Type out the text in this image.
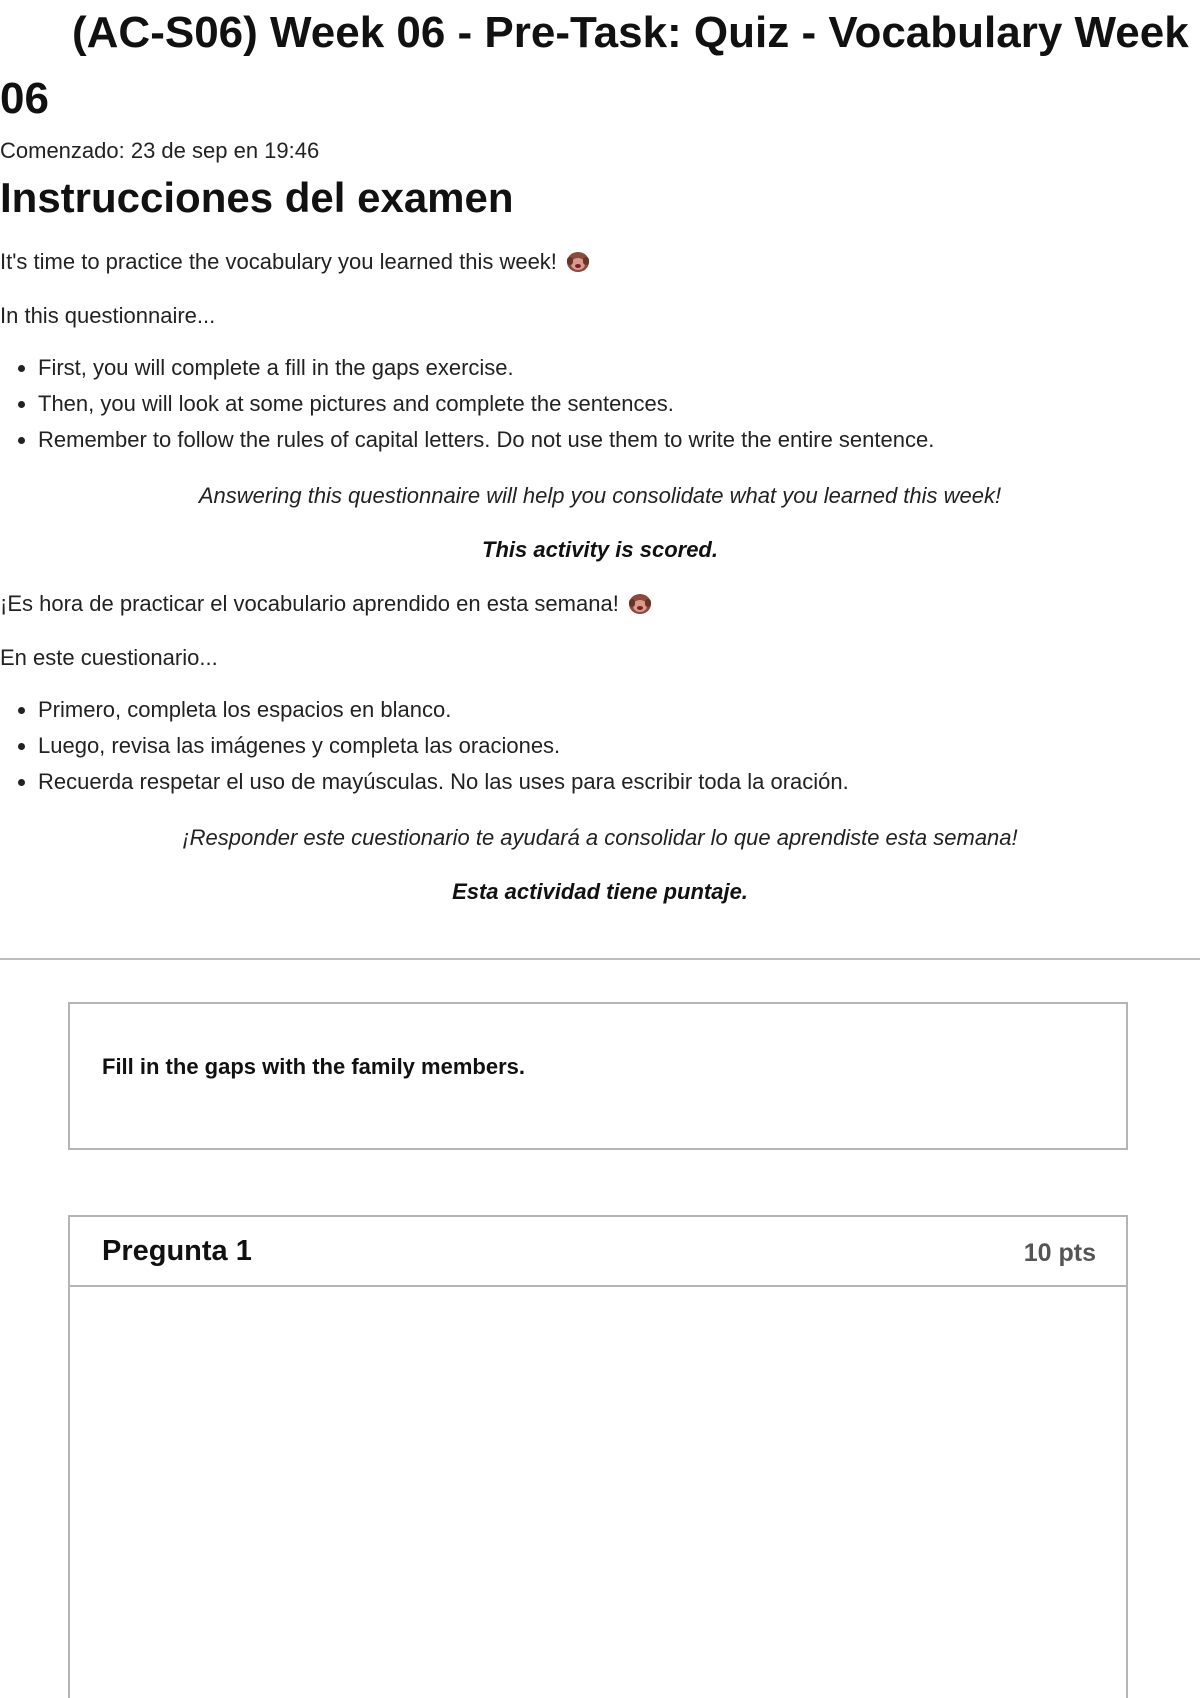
(AC-S06) Week 06 - Pre-Task: Quiz - Vocabulary Week 06
Comenzado: 23 de sep en 19:46
Instrucciones del examen

It's time to practice the vocabulary you learned this week!

In this questionnaire...

• First, you will complete a fill in the gaps exercise.
• Then, you will look at some pictures and complete the sentences.
• Remember to follow the rules of capital letters. Do not use them to write the entire sentence.

Answering this questionnaire will help you consolidate what you learned this week!

This activity is scored.

¡Es hora de practicar el vocabulario aprendido en esta semana!

En este cuestionario...

• Primero, completa los espacios en blanco.
• Luego, revisa las imágenes y completa las oraciones.
• Recuerda respetar el uso de mayúsculas. No las uses para escribir toda la oración.

¡Responder este cuestionario te ayudará a consolidar lo que aprendiste esta semana!

Esta actividad tiene puntaje.

Fill in the gaps with the family members.
Pregunta 1	10 pts
